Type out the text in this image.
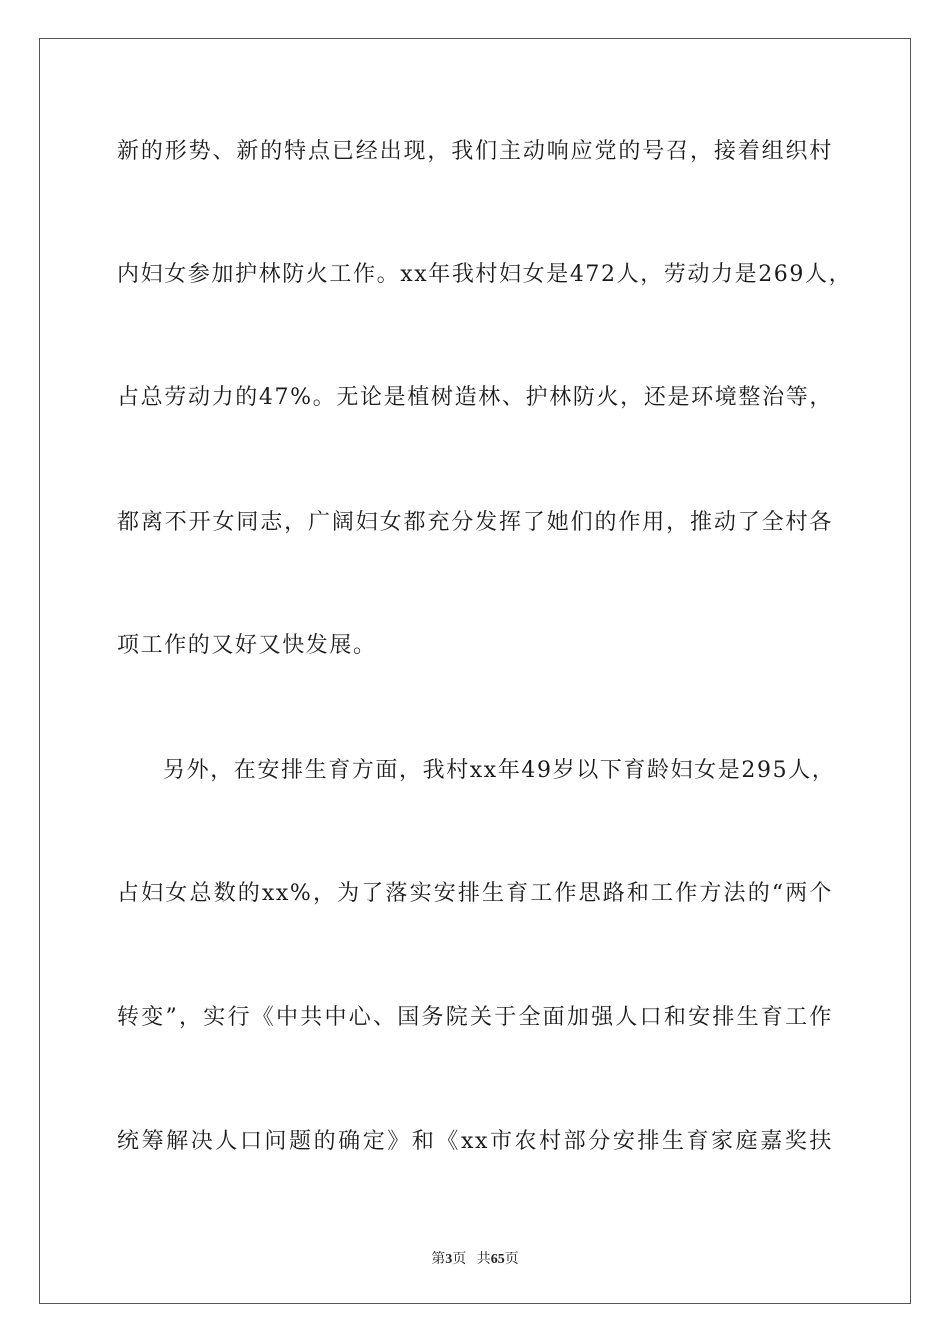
新的形势、新的特点已经出现，我们主动响应党的号召，接着组织村
内妇女参加护林防火工作。xx年我村妇女是472人，劳动力是269人，
占总劳动力的47%。无论是植树造林、护林防火，还是环境整治等，
都离不开女同志，广阔妇女都充分发挥了她们的作用，推动了全村各
项工作的又好又快发展。
另外，在安排生育方面，我村xx年49岁以下育龄妇女是295人，
占妇女总数的xx%，为了落实安排生育工作思路和工作方法的“两个
转变”，实行《中共中心、国务院关于全面加强人口和安排生育工作
统筹解决人口问题的确定》和《xx市农村部分安排生育家庭嘉奖扶
第3页 共65页
